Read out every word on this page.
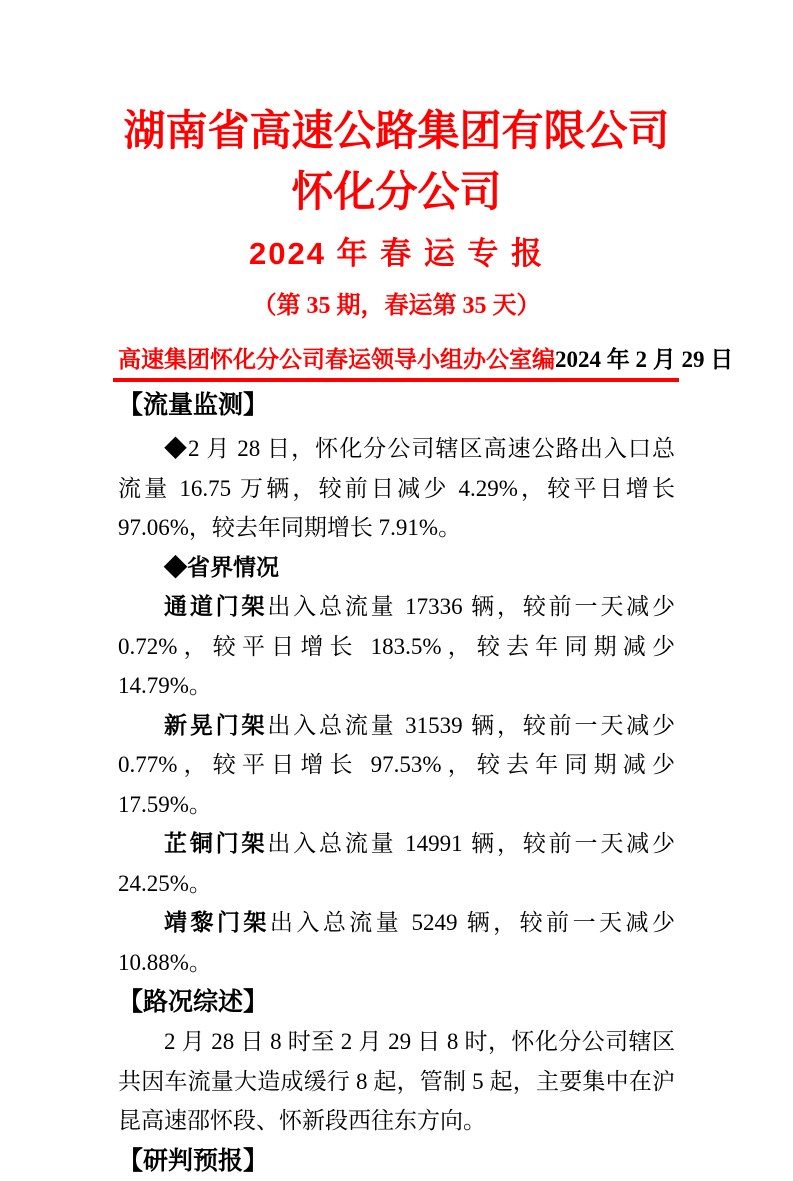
湖南省高速公路集团有限公司
怀化分公司
2024 年 春 运 专 报
（第 35 期，春运第 35 天）
高速集团怀化分公司春运领导小组办公室编 2024 年 2 月 29 日
【流量监测】

◆2 月 28 日，怀化分公司辖区高速公路出入口总流量 16.75 万辆，较前日减少 4.29%，较平日增长 97.06%，较去年同期增长 7.91%。

◆省界情况

通道门架出入总流量 17336 辆，较前一天减少 0.72%，较平日增长 183.5%，较去年同期减少 14.79%。

新晃门架出入总流量 31539 辆，较前一天减少 0.77%，较平日增长 97.53%，较去年同期减少 17.59%。

芷铜门架出入总流量 14991 辆，较前一天减少 24.25%。

靖黎门架出入总流量 5249 辆，较前一天减少 10.88%。

【路况综述】

2 月 28 日 8 时至 2 月 29 日 8 时，怀化分公司辖区共因车流量大造成缓行 8 起，管制 5 起，主要集中在沪昆高速邵怀段、怀新段西往东方向。

【研判预报】
